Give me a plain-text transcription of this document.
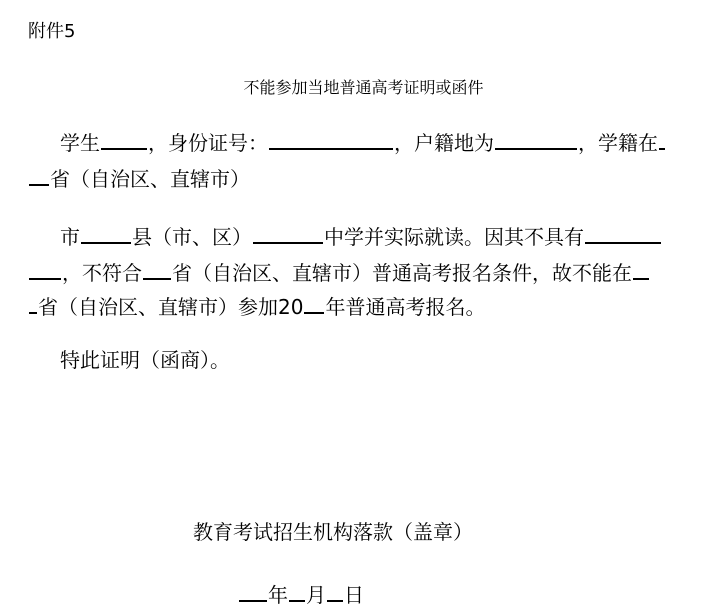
附件5
不能参加当地普通高考证明或函件
学生 ，身份证号：	，户籍地为	，学籍在
省（自治区、直辖市）
市	县（市、区）	中学并实际就读。因其不具有
，不符合 省（自治区、直辖市）普通高考报名条件，故不能在
省（自治区、直辖市）参加20 年普通高考报名。
特此证明（函商）。
教育考试招生机构落款（盖章）
年 月 日
